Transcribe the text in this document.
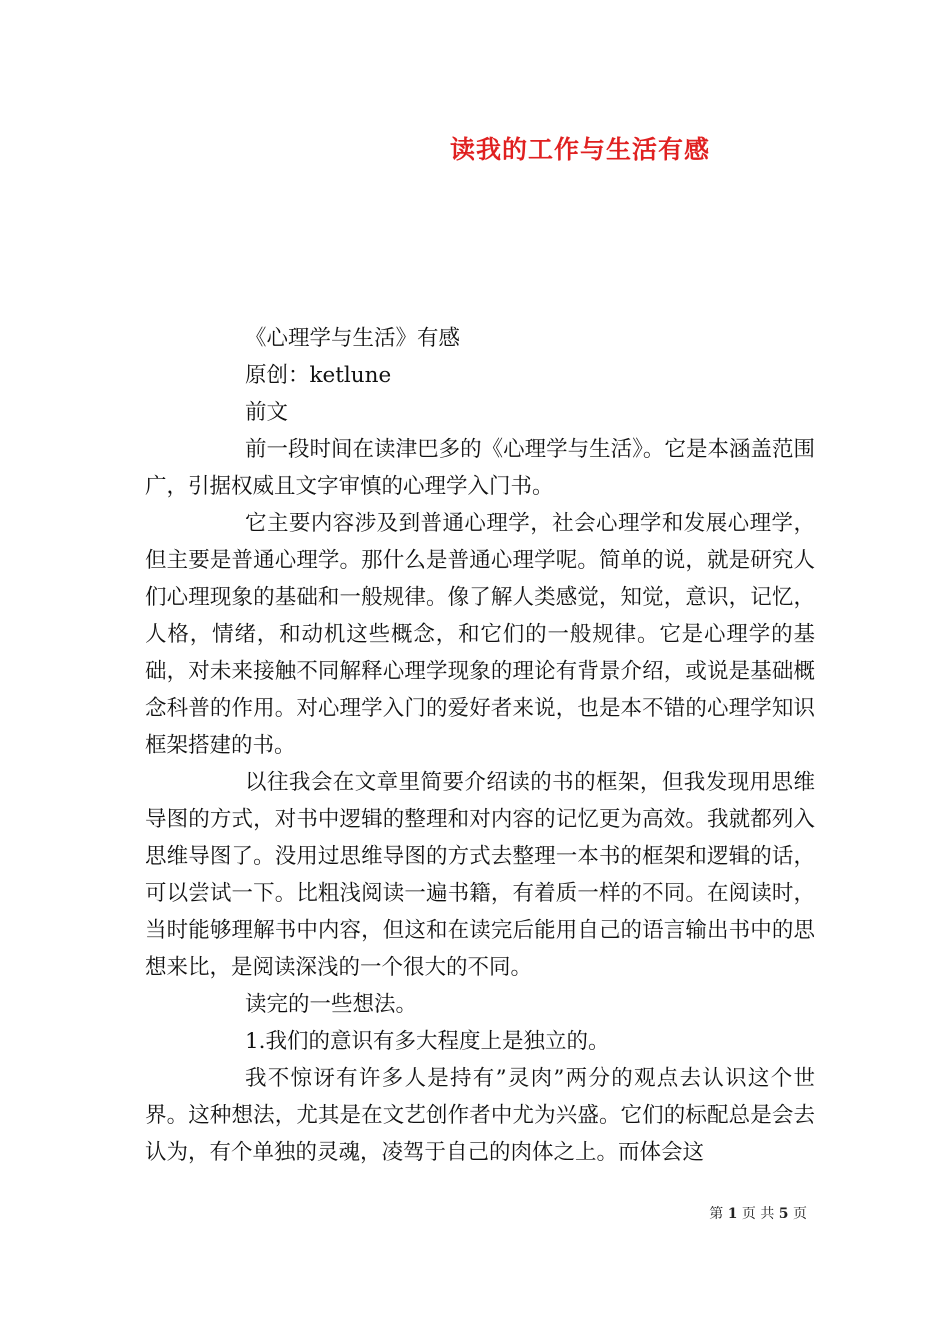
读我的工作与生活有感
《心理学与生活》有感
原创：ketlune
前文

前一段时间在读津巴多的《心理学与生活》。它是本涵盖范围广，引据权威且文字审慎的心理学入门书。

它主要内容涉及到普通心理学，社会心理学和发展心理学，但主要是普通心理学。那什么是普通心理学呢。简单的说，就是研究人们心理现象的基础和一般规律。像了解人类感觉，知觉，意识，记忆，人格，情绪，和动机这些概念，和它们的一般规律。它是心理学的基础，对未来接触不同解释心理学现象的理论有背景介绍，或说是基础概念科普的作用。对心理学入门的爱好者来说，也是本不错的心理学知识框架搭建的书。

以往我会在文章里简要介绍读的书的框架，但我发现用思维导图的方式，对书中逻辑的整理和对内容的记忆更为高效。我就都列入思维导图了。没用过思维导图的方式去整理一本书的框架和逻辑的话，可以尝试一下。比粗浅阅读一遍书籍，有着质一样的不同。在阅读时，当时能够理解书中内容，但这和在读完后能用自己的语言输出书中的思想来比，是阅读深浅的一个很大的不同。

读完的一些想法。
1.我们的意识有多大程度上是独立的。

我不惊讶有许多人是持有”灵肉”两分的观点去认识这个世界。这种想法，尤其是在文艺创作者中尤为兴盛。它们的标配总是会去认为，有个单独的灵魂，凌驾于自己的肉体之上。而体会这

第 1 页 共 5 页
